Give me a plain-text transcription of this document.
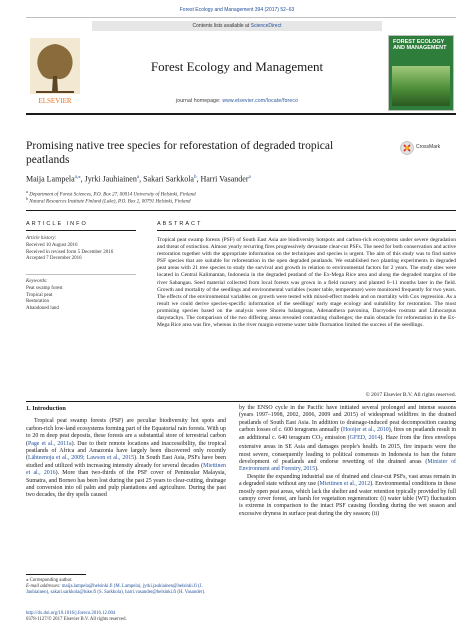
Forest Ecology and Management 394 (2017) 52–63
Contents lists available at ScienceDirect
ELSEVIER
Forest Ecology and Management
journal homepage: www.elsevier.com/locate/foreco
FOREST ECOLOGY AND MANAGEMENT
Promising native tree species for reforestation of degraded tropical peatlands
CrossMark
Maija Lampela$^{a,⁎}$, Jyrki Jauhiainen$^a$, Sakari Sarkkola$^b$, Harri Vasander$^a$
$^a$ Department of Forest Sciences, P.O. Box 27, 00014 University of Helsinki, Finland
$^b$ Natural Resources Institute Finland (Luke), P.O. Box 2, 00791 Helsinki, Finland
ARTICLE INFO
Article history:
Received 10 August 2016
Received in revised form 5 December 2016
Accepted 7 December 2016
Keywords:
Peat swamp forest
Tropical peat
Restoration
Abandoned land
ABSTRACT
Tropical peat swamp forests (PSF) of South East Asia are biodiversity hotspots and carbon-rich ecosystems under severe degradation and threat of extinction. Almost yearly recurring fires progressively devastate clear-cut PSFs. The need for both conservation and active restoration together with the appropriate information on the techniques and species is urgent. The aim of this study was to find native PSF species that are suitable for reforestation in the open degraded peatlands. We established two planting experiments in degraded peat areas with 21 tree species to study the survival and growth in relation to environmental factors for 2 years. The study sites were located in Central Kalimantan, Indonesia in the degraded peatland of the Ex-Mega Rice area and along the degraded margins of the river Sabangau. Seed material collected from local forests was grown in a field nursery and planted 6–11 months later in the field. Growth and mortality of the seedlings and environmental variables (water table, temperature) were monitored frequently for two years. The effects of the environmental variables on growth were tested with mixed-effect models and on mortality with Cox regression. As a result we could derive species-specific information of the seedlings' early stage ecology and suitability for restoration. The most promising species based on the analysis were Shorea balangeran, Adenanthera pavonina, Dacryodes rostrata and Lithocarpus dasystachys. The comparison of the two differing areas revealed contrasting challenges; the main obstacle for reforestation in the Ex-Mega Rice area was fire, whereas in the river margin extreme water table fluctuation limited the success of the seedlings.
© 2017 Elsevier B.V. All rights reserved.
1. Introduction

Tropical peat swamp forests (PSF) are peculiar biodiversity hot spots and carbon-rich low-land ecosystems forming part of the Equatorial rain forests. With up to 20 m deep peat deposits, these forests are a substantial store of terrestrial carbon (Page et al., 2011a). Due to their remote locations and inaccessibility, the tropical peatlands of Africa and Amazonia have largely been discovered only recently (Lähteenoja et al., 2009; Lawson et al., 2015). In South East Asia, PSFs have been studied and utilized with increasing intensity already for several decades (Miettinen et al., 2016). More than two-thirds of the PSF cover of Peninsular Malaysia, Sumatra, and Borneo has been lost during the past 25 years to clear-cutting, drainage and conversion into oil palm and pulp plantations and agriculture. During the past two decades, the dry spells caused

by the ENSO cycle in the Pacific have initiated several prolonged and intense seasons (years 1997–1998, 2002, 2006, 2009 and 2015) of widespread wildfires in the drained peatlands of South East Asia. In addition to drainage-induced peat decomposition causing carbon losses of c. 600 teragrams annually (Hooijer et al., 2010), fires on peatlands result in an additional c. 640 teragram $CO_2$ emission (GFED, 2014). Haze from the fires envelops extensive areas in SE Asia and damages people's health. In 2015, fire impacts were the most severe, consequently leading to political consensus in Indonesia to ban the future development of peatlands and endorse rewetting of the drained areas (Minister of Environment and Forestry, 2015).

Despite the expanding industrial use of drained and clear-cut PSFs, vast areas remain in a degraded state without any use (Miettinen et al., 2012). Environmental conditions in these mostly open peat areas, which lack the shelter and water retention typically provided by full canopy cover forest, are harsh for vegetation regeneration: (i) water table (WT) fluctuation is extreme in comparison to the intact PSF causing flooding during the wet season and excessive dryness in surface peat during the dry season; (ii)

⁎ Corresponding author.
E-mail addresses: maija.lampela@helsinki.fi (M. Lampela), jyrki.jauhiainen@helsinki.fi (J. Jauhiainen), sakari.sarkkola@luke.fi (S. Sarkkola), harri.vasander@helsinki.fi (H. Vasander).
http://dx.doi.org/10.1016/j.foreco.2016.12.004
0378-1127/© 2017 Elsevier B.V. All rights reserved.
